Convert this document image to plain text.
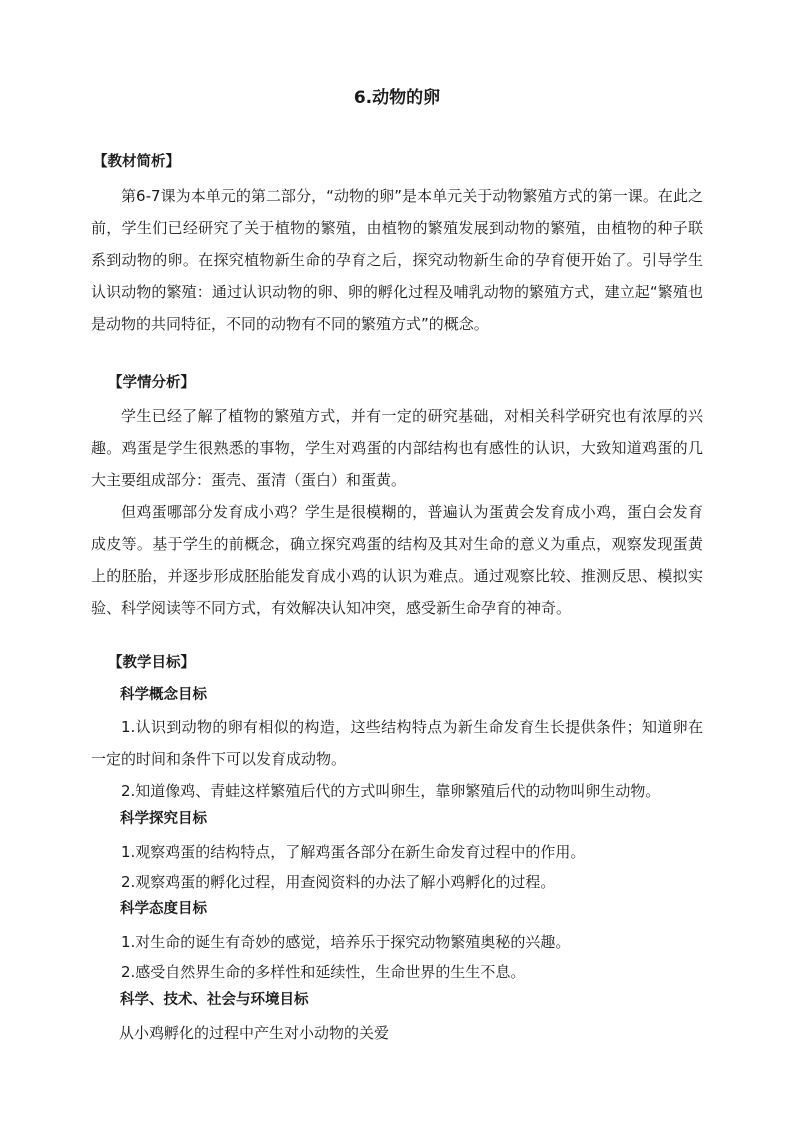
6.动物的卵
【教材简析】
第6-7课为本单元的第二部分，“动物的卵”是本单元关于动物繁殖方式的第一课。在此之前，学生们已经研究了关于植物的繁殖，由植物的繁殖发展到动物的繁殖，由植物的种子联系到动物的卵。在探究植物新生命的孕育之后，探究动物新生命的孕育便开始了。引导学生认识动物的繁殖：通过认识动物的卵、卵的孵化过程及哺乳动物的繁殖方式，建立起“繁殖也是动物的共同特征，不同的动物有不同的繁殖方式”的概念。
【学情分析】
学生已经了解了植物的繁殖方式，并有一定的研究基础，对相关科学研究也有浓厚的兴趣。鸡蛋是学生很熟悉的事物，学生对鸡蛋的内部结构也有感性的认识，大致知道鸡蛋的几大主要组成部分：蛋壳、蛋清（蛋白）和蛋黄。
但鸡蛋哪部分发育成小鸡？学生是很模糊的，普遍认为蛋黄会发育成小鸡，蛋白会发育成皮等。基于学生的前概念，确立探究鸡蛋的结构及其对生命的意义为重点，观察发现蛋黄上的胚胎，并逐步形成胚胎能发育成小鸡的认识为难点。通过观察比较、推测反思、模拟实验、科学阅读等不同方式，有效解决认知冲突，感受新生命孕育的神奇。
【教学目标】
科学概念目标
1.认识到动物的卵有相似的构造，这些结构特点为新生命发育生长提供条件；知道卵在一定的时间和条件下可以发育成动物。
2.知道像鸡、青蛙这样繁殖后代的方式叫卵生，靠卵繁殖后代的动物叫卵生动物。
科学探究目标
1.观察鸡蛋的结构特点，了解鸡蛋各部分在新生命发育过程中的作用。
2.观察鸡蛋的孵化过程，用查阅资料的办法了解小鸡孵化的过程。
科学态度目标
1.对生命的诞生有奇妙的感觉，培养乐于探究动物繁殖奥秘的兴趣。
2.感受自然界生命的多样性和延续性，生命世界的生生不息。
科学、技术、社会与环境目标
从小鸡孵化的过程中产生对小动物的关爱
